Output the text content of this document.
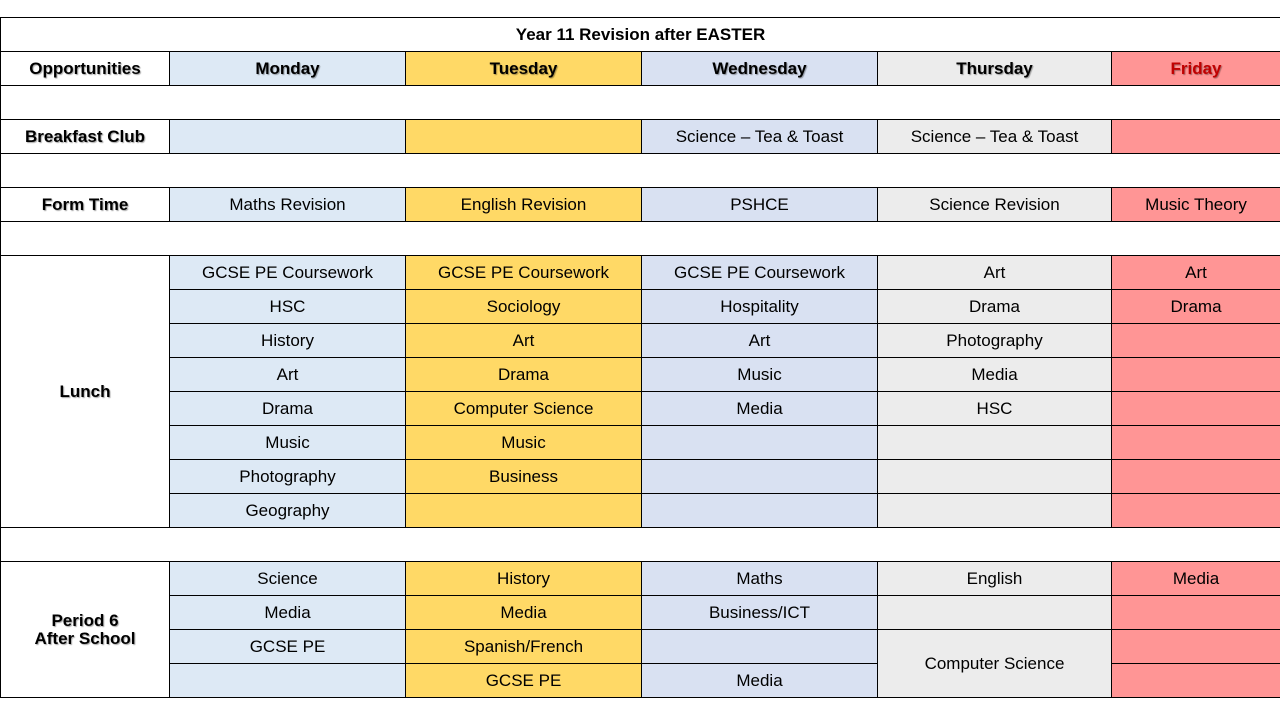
Year 11 Revision after EASTER					
Opportunities	Monday	Tuesday	Wednesday	Thursday	Friday

Breakfast Club			Science – Tea & Toast	Science – Tea & Toast	

Form Time	Maths Revision	English Revision	PSHCE	Science Revision	Music Theory

Lunch	GCSE PE Coursework	GCSE PE Coursework	GCSE PE Coursework	Art	Art
	HSC	Sociology	Hospitality	Drama	Drama
	History	Art	Art	Photography	
	Art	Drama	Music	Media	
	Drama	Computer Science	Media	HSC	
	Music	Music			
	Photography	Business			
	Geography				

Period 6
After School	Science	History	Maths	English	Media
	Media	Media	Business/ICT		
	GCSE PE	Spanish/French		Computer Science	
		GCSE PE	Media		
